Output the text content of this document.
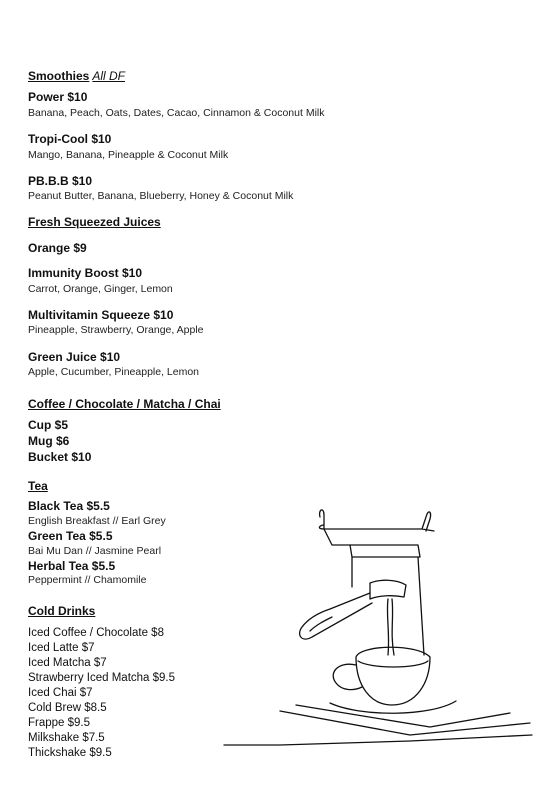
Smoothies All DF
Power $10
Banana, Peach, Oats, Dates, Cacao, Cinnamon & Coconut Milk
Tropi-Cool $10
Mango, Banana, Pineapple & Coconut Milk
PB.B.B $10
Peanut Butter, Banana, Blueberry, Honey & Coconut Milk
Fresh Squeezed Juices
Orange $9
Immunity Boost $10
Carrot, Orange, Ginger, Lemon
Multivitamin Squeeze $10
Pineapple, Strawberry, Orange, Apple
Green Juice $10
Apple, Cucumber, Pineapple, Lemon
Coffee / Chocolate / Matcha / Chai
Cup $5
Mug $6
Bucket $10
Tea
Black Tea $5.5
English Breakfast // Earl Grey
Green Tea $5.5
Bai Mu Dan // Jasmine Pearl
Herbal Tea $5.5
Peppermint // Chamomile
Cold Drinks
Iced Coffee / Chocolate $8
Iced Latte $7
Iced Matcha $7
Strawberry Iced Matcha $9.5
Iced Chai $7
Cold Brew $8.5
Frappe $9.5
Milkshake $7.5
Thickshake $9.5
